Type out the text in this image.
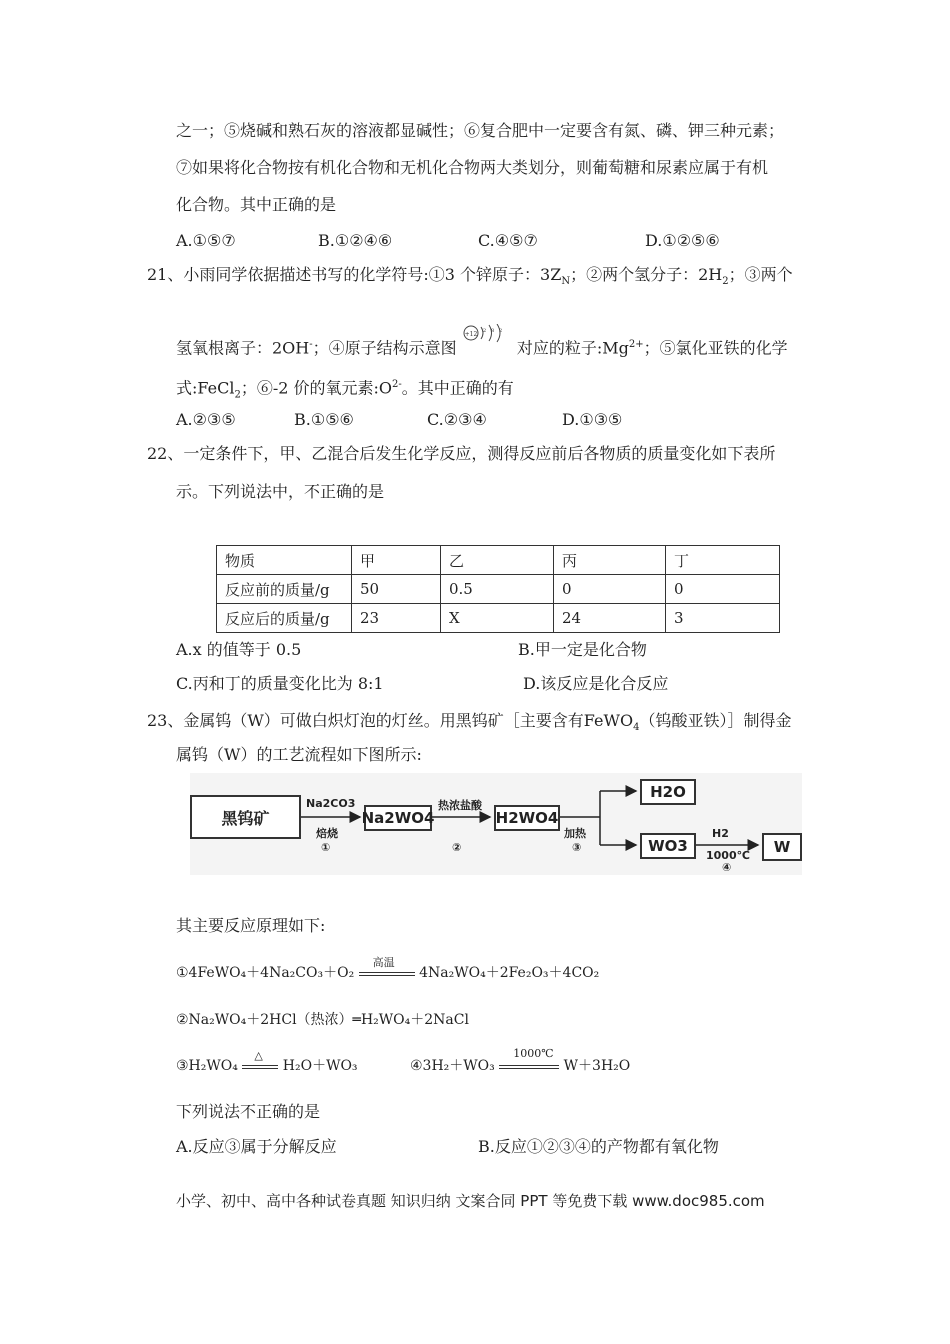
之一；⑤烧碱和熟石灰的溶液都显碱性；⑥复合肥中一定要含有氮、磷、钾三种元素；
⑦如果将化合物按有机化合物和无机化合物两大类划分，则葡萄糖和尿素应属于有机
化合物。其中正确的是
A.①⑤⑦	B.①②④⑥	C.④⑤⑦	D.①②⑤⑥
21、小雨同学依据描述书写的化学符号:①3 个锌原子：$3Z_N$；②两个氢分子：$2H_2$；③两个
氢氧根离子：2OH-；④原子结构示意图
+12 2 8 2
对应的粒子$:Mg^{2+}$；⑤氯化亚铁的化学
式:FeCl$_2$；⑥-2 价的氧元素$:O^{2-}$。其中正确的有
A.②③⑤	B.①⑤⑥	C.②③④	D.①③⑤
22、一定条件下，甲、乙混合后发生化学反应，测得反应前后各物质的质量变化如下表所
示。下列说法中，不正确的是
物质	甲	乙	丙	丁
反应前的质量/g	50	0.5	0	0
反应后的质量/g	23	X	24	3
A.x 的值等于 0.5	B.甲一定是化合物
C.丙和丁的质量变化比为 8:1	D.该反应是化合反应
23、金属钨（W）可做白炽灯泡的灯丝。用黑钨矿［主要含有FeWO$_4$（钨酸亚铁）］制得金
属钨（W）的工艺流程如下图所示:
黑钨矿
Na2CO3
焙烧
①
Na2WO4
热浓盐酸
②
H2WO4
加热
③
H2O
WO3
H2
1000℃
④
W
其主要反应原理如下:
①4FeWO₄＋4Na₂CO₃＋O₂
高温
4Na₂WO₄＋2Fe₂O₃＋4CO₂
②Na₂WO₄＋2HCl（热浓）═H₂WO₄＋2NaCl
③H₂WO₄
△
H₂O＋WO₃	④3H₂＋WO₃
1000℃
W＋3H₂O
下列说法不正确的是
A.反应③属于分解反应	B.反应①②③④的产物都有氧化物
小学、初中、高中各种试卷真题 知识归纳 文案合同 PPT 等免费下载 www.doc985.com
